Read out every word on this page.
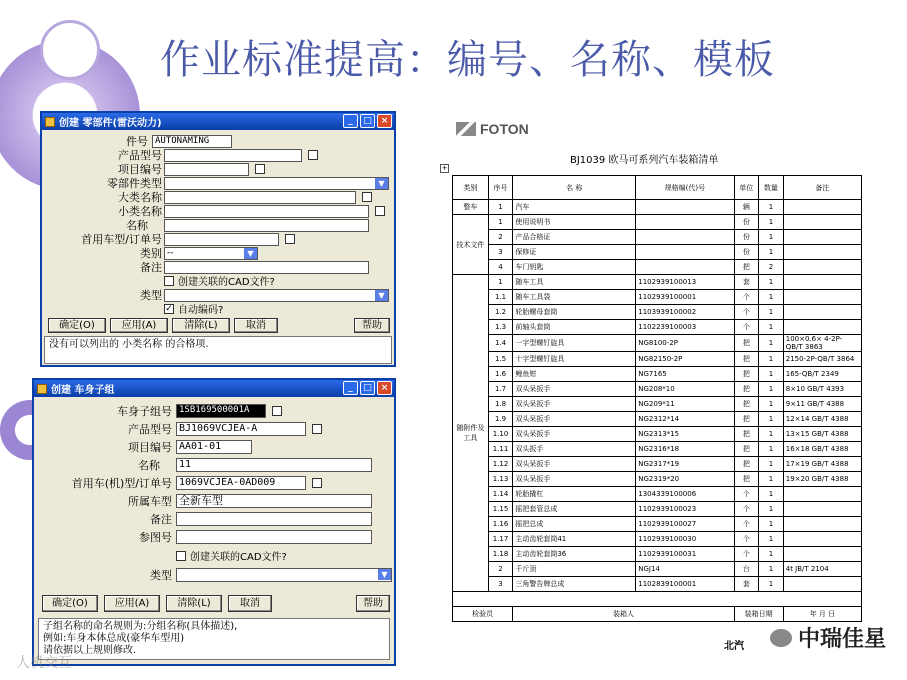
作业标准提高：编号、名称、模板
创建 零部件(雷沃动力)	_	□ ×
件号 AUTONAMING
产品型号
项目编号
零部件类型	▼
大类名称
小类名称
名称
首用车型/订单号
类别 --	▼
备注
创建关联的CAD文件?
类型	▼
✓ 自动编码?
确定(O)	应用(A)	清除(L)	取消	帮助
没有可以列出的 小类名称 的合格项.
创建 车身子组	_	□ ×
车身子组号 1SB169500001A
产品型号 BJ1069VCJEA-A
项目编号 AA01-01
名称	11
首用车(机)型/订单号 1069VCJEA-0AD009
所属车型 全新车型
备注
参图号
创建关联的CAD文件?
类型	▼
确定(O)	应用(A)	清除(L)	取消	帮助
子组名称的命名规则为:分组名称(具体描述),
例如:车身本体总成(豪华车型用)
请依据以上规则修改.
FOTON
BJ1039 欧马可系列汽车装箱清单
+
类别	序号	名 称	规格编(代)号	单位	数量	备注
整车	1	汽车		辆	1	
技术文件	1	使用说明书		份	1	
	2	产品合格证		份	1	
	3	保修证		份	1	
	4	车门钥匙		把	2	
随附件及工具	1	随车工具	1102939100013	套	1	
	1.1	随车工具袋	1102939100001	个	1	
	1.2	轮胎螺母套筒	1103939100002	个	1	
	1.3	前轴头套筒	1102239100003	个	1	
	1.4	一字型螺钉旋具	NG8100-2P	把	1	100×0.6× 4-2P-QB/T 3863
	1.5	十字型螺钉旋具	NG82150-2P	把	1	2150-2P-QB/T 3864
	1.6	鲤鱼钳	NG7165	把	1	165-QB/T 2349
	1.7	双头呆扳手	NG208*10	把	1	8×10 GB/T 4393
	1.8	双头呆扳手	NG209*11	把	1	9×11 GB/T 4388
	1.9	双头呆扳手	NG2312*14	把	1	12×14 GB/T 4388
	1.10	双头呆扳手	NG2313*15	把	1	13×15 GB/T 4388
	1.11	双头扳手	NG2316*18	把	1	16×18 GB/T 4388
	1.12	双头呆扳手	NG2317*19	把	1	17×19 GB/T 4388
	1.13	双头呆扳手	NG2319*20	把	1	19×20 GB/T 4388
	1.14	轮胎撬杠	1304339100006	个	1	
	1.15	摇把套管总成	1102939100023	个	1	
	1.16	摇把总成	1102939100027	个	1	
	1.17	主动齿轮套筒41	1102939100030	个	1	
	1.18	主动齿轮套筒36	1102939100031	个	1	
	2	千斤顶	NGJ14	台	1	4t JB/T 2104
	3	三角警告牌总成	1102839100001	套	1	

检验员		装箱人		装箱日期		年 月 日
北汽
人机交互
中瑞佳星
